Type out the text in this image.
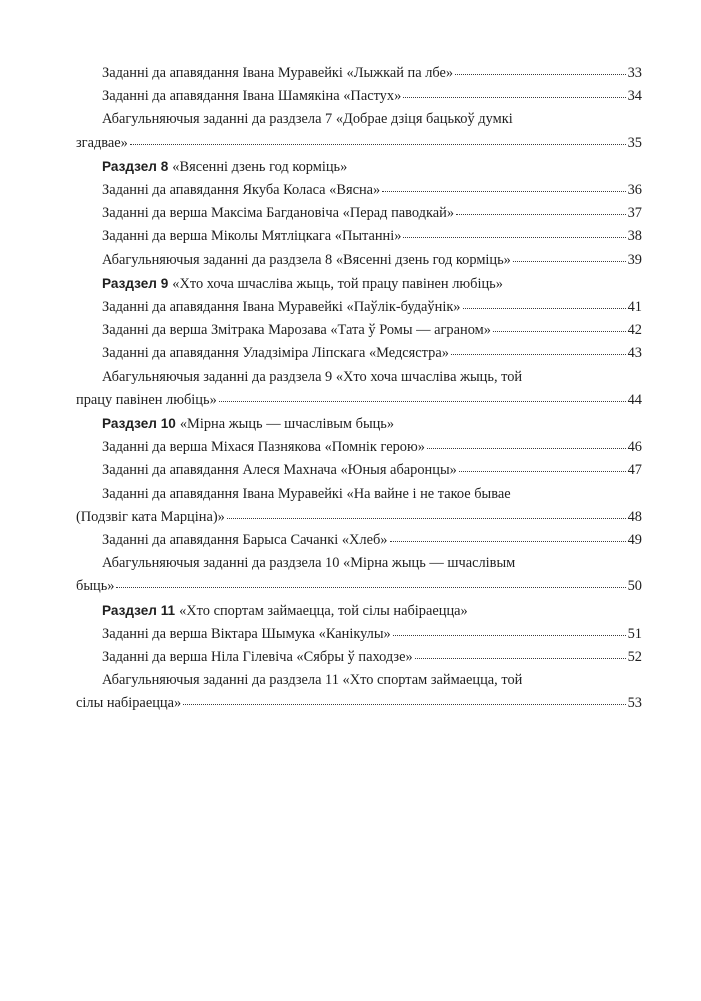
Заданні да апавядання Івана Муравейкі «Лыжкай па лбе»	33
Заданні да апавядання Івана Шамякіна «Пастух»	34
Абагульняючыя заданні да раздзела 7 «Добрае дзіця бацькоў думкі
згадвае»	35
Раздзел 8 «Вясенні дзень год корміць»
Заданні да апавядання Якуба Коласа «Вясна»	36
Заданні да верша Максіма Багдановіча «Перад паводкай»	37
Заданні да верша Міколы Мятліцкага «Пытанні»	38
Абагульняючыя заданні да раздзела 8 «Вясенні дзень год корміць»	39
Раздзел 9 «Хто хоча шчаслівa жыць, той працу павінен любіць»
Заданні да апавядання Івана Муравейкі «Паўлік-будаўнік»	41
Заданні да верша Змітрака Марозава «Тата ў Ромы — аграном»	42
Заданні да апавядання Уладзіміра Ліпскага «Медсястра»	43
Абагульняючыя заданні да раздзела 9 «Хто хоча шчаслівa жыць, той
працу павінен любіць»	44
Раздзел 10 «Мірна жыць — шчаслівым быць»
Заданні да верша Міхася Пазнякова «Помнік герою»	46
Заданні да апавядання Алеся Махнача «Юныя абаронцы»	47
Заданні да апавядання Івана Муравейкі «На вайне і не такое бывае
(Подзвіг ката Марціна)»	48
Заданні да апавядання Барыса Сачанкі «Хлеб»	49
Абагульняючыя заданні да раздзела 10 «Мірна жыць — шчаслівым
быць»	50
Раздзел 11 «Хто спортам займаецца, той сілы набіраецца»
Заданні да верша Віктара Шымука «Канікулы»	51
Заданні да верша Ніла Гілевіча «Сябры ў паходзе»	52
Абагульняючыя заданні да раздзела 11 «Хто спортам займаецца, той
сілы набіраецца»	53
